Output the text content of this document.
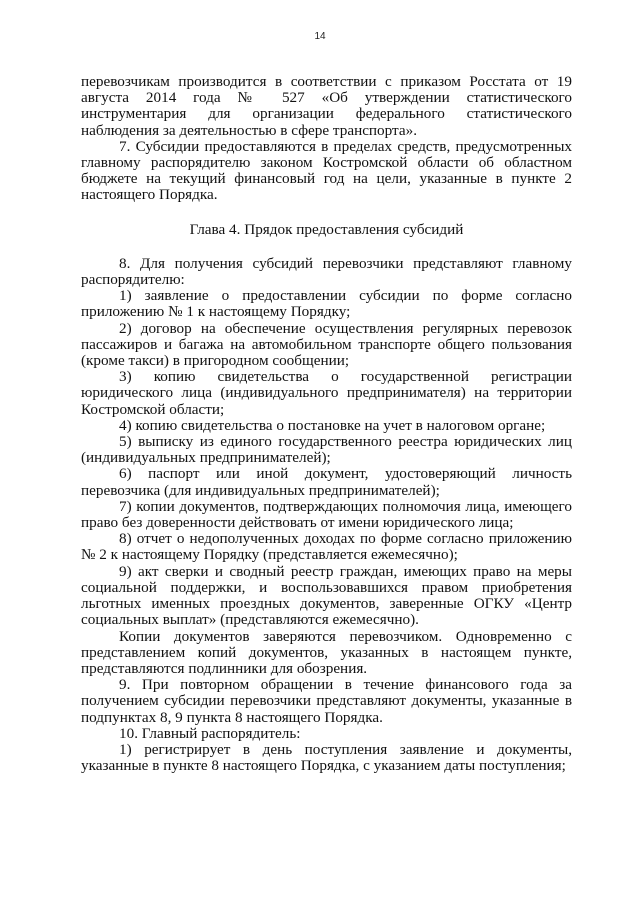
14

перевозчикам производится в соответствии с приказом Росстата от 19 августа 2014 года № 527 «Об утверждении статистического инструментария для организации федерального статистического наблюдения за деятельностью в сфере транспорта».

7. Субсидии предоставляются в пределах средств, предусмотренных главному распорядителю законом Костромской области об областном бюджете на текущий финансовый год на цели, указанные в пункте 2 настоящего Порядка.

Глава 4. Прядок предоставления субсидий

8. Для получения субсидий перевозчики представляют главному распорядителю:

1) заявление о предоставлении субсидии по форме согласно приложению № 1 к настоящему Порядку;

2) договор на обеспечение осуществления регулярных перевозок пассажиров и багажа на автомобильном транспорте общего пользования (кроме такси) в пригородном сообщении;

3) копию свидетельства о государственной регистрации юридического лица (индивидуального предпринимателя) на территории Костромской области;

4) копию свидетельства о постановке на учет в налоговом органе;

5) выписку из единого государственного реестра юридических лиц (индивидуальных предпринимателей);

6) паспорт или иной документ, удостоверяющий личность перевозчика (для индивидуальных предпринимателей);

7) копии документов, подтверждающих полномочия лица, имеющего право без доверенности действовать от имени юридического лица;

8) отчет о недополученных доходах по форме согласно приложению № 2 к настоящему Порядку (представляется ежемесячно);

9) акт сверки и сводный реестр граждан, имеющих право на меры социальной поддержки, и воспользовавшихся правом приобретения льготных именных проездных документов, заверенные ОГКУ «Центр социальных выплат» (представляются ежемесячно).

Копии документов заверяются перевозчиком. Одновременно с представлением копий документов, указанных в настоящем пункте, представляются подлинники для обозрения.

9. При повторном обращении в течение финансового года за получением субсидии перевозчики представляют документы, указанные в подпунктах 8, 9 пункта 8 настоящего Порядка.

10. Главный распорядитель:

1) регистрирует в день поступления заявление и документы, указанные в пункте 8 настоящего Порядка, с указанием даты поступления;
